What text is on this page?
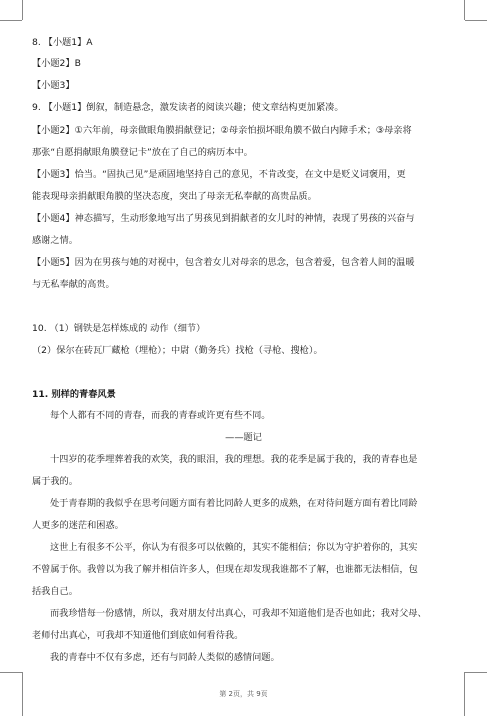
8. 【小题1】A
【小题2】B
【小题3】
9. 【小题1】倒叙，制造悬念，激发读者的阅读兴趣；使文章结构更加紧凑。
【小题2】①六年前，母亲做眼角膜捐献登记；②母亲怕损坏眼角膜不做白内障手术；③母亲将
那张“自愿捐献眼角膜登记卡”放在了自己的病历本中。
【小题3】恰当。“固执己见”是顽固地坚持自己的意见，不肯改变，在文中是贬义词褒用，更
能表现母亲捐献眼角膜的坚决态度，突出了母亲无私奉献的高贵品质。
【小题4】神态描写，生动形象地写出了男孩见到捐献者的女儿时的神情，表现了男孩的兴奋与
感谢之情。
【小题5】因为在男孩与她的对视中，包含着女儿对母亲的思念，包含着爱，包含着人间的温暖
与无私奉献的高贵。
10. （1）钢铁是怎样炼成的 动作（细节）
（2）保尔在砖瓦厂藏枪（埋枪）；中尉（勤务兵）找枪（寻枪、搜枪）。
11. 别样的青春风景
每个人都有不同的青春，而我的青春或许更有些不同。
——题记
十四岁的花季埋葬着我的欢笑，我的眼泪，我的理想。我的花季是属于我的，我的青春也是
属于我的。
处于青春期的我似乎在思考问题方面有着比同龄人更多的成熟，在对待问题方面有着比同龄
人更多的迷茫和困惑。
这世上有很多不公平，你认为有很多可以依赖的，其实不能相信；你以为守护着你的，其实
不曾属于你。我曾以为我了解并相信许多人，但现在却发现我谁都不了解，也谁都无法相信，包
括我自己。
而我珍惜每一份感情，所以，我对朋友付出真心，可我却不知道他们是否也如此；我对父母、
老师付出真心，可我却不知道他们到底如何看待我。
我的青春中不仅有多虑，还有与同龄人类似的感情问题。
第 2页，共 9页
